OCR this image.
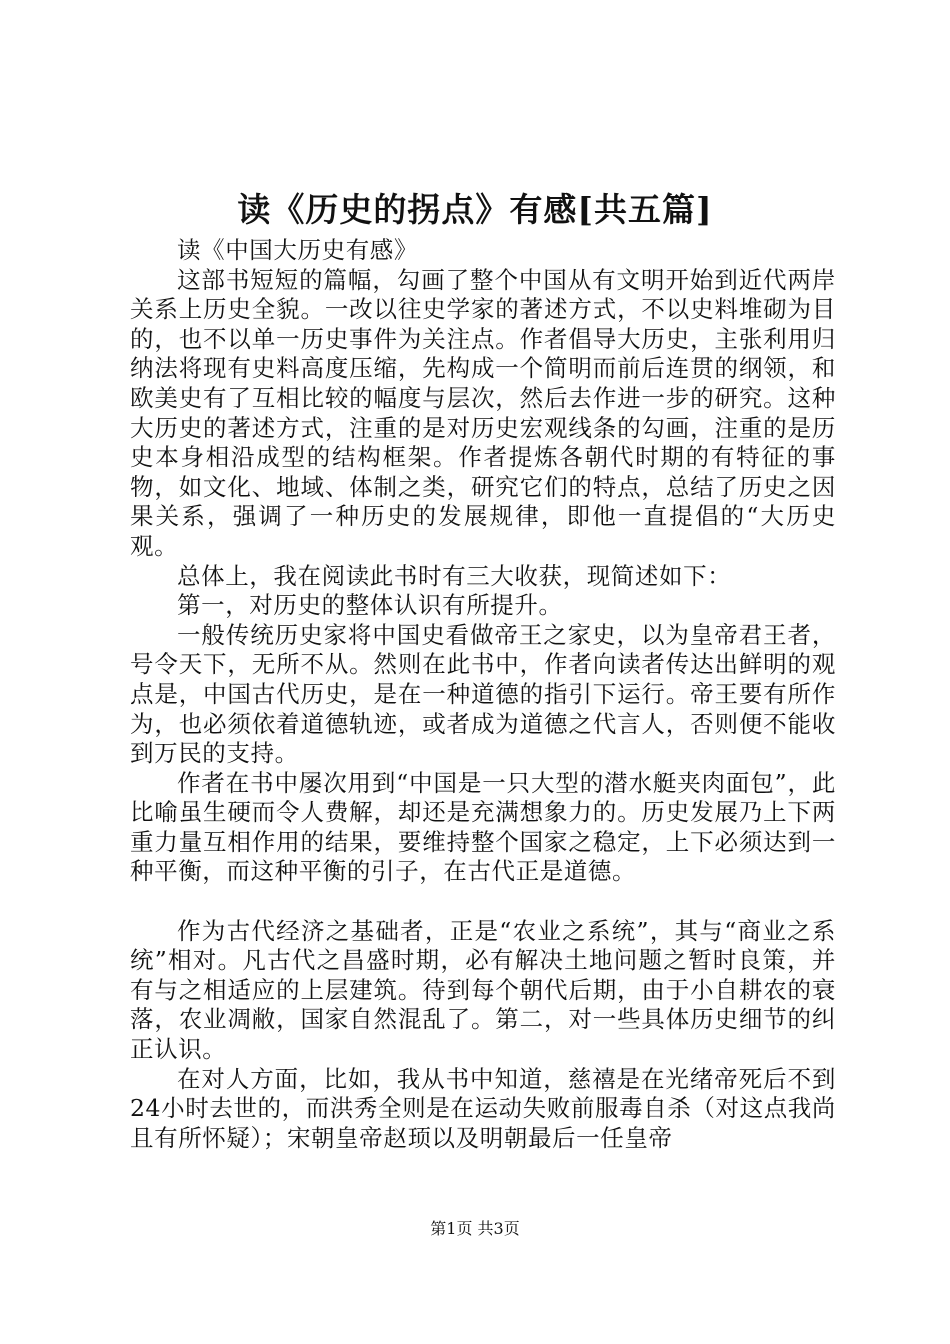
读《历史的拐点》有感[共五篇]

读《中国大历史有感》

这部书短短的篇幅，勾画了整个中国从有文明开始到近代两岸关系上历史全貌。一改以往史学家的著述方式，不以史料堆砌为目的，也不以单一历史事件为关注点。作者倡导大历史，主张利用归纳法将现有史料高度压缩，先构成一个简明而前后连贯的纲领，和欧美史有了互相比较的幅度与层次，然后去作进一步的研究。这种大历史的著述方式，注重的是对历史宏观线条的勾画，注重的是历史本身相沿成型的结构框架。作者提炼各朝代时期的有特征的事物，如文化、地域、体制之类，研究它们的特点，总结了历史之因果关系，强调了一种历史的发展规律，即他一直提倡的“大历史观。

总体上，我在阅读此书时有三大收获，现简述如下：

第一，对历史的整体认识有所提升。

一般传统历史家将中国史看做帝王之家史，以为皇帝君王者，号令天下，无所不从。然则在此书中，作者向读者传达出鲜明的观点是，中国古代历史，是在一种道德的指引下运行。帝王要有所作为，也必须依着道德轨迹，或者成为道德之代言人，否则便不能收到万民的支持。

作者在书中屡次用到“中国是一只大型的潜水艇夹肉面包”，此比喻虽生硬而令人费解，却还是充满想象力的。历史发展乃上下两重力量互相作用的结果，要维持整个国家之稳定，上下必须达到一种平衡，而这种平衡的引子，在古代正是道德。

作为古代经济之基础者，正是“农业之系统”，其与“商业之系统”相对。凡古代之昌盛时期，必有解决土地问题之暂时良策，并有与之相适应的上层建筑。待到每个朝代后期，由于小自耕农的衰落，农业凋敝，国家自然混乱了。第二，对一些具体历史细节的纠正认识。

在对人方面，比如，我从书中知道，慈禧是在光绪帝死后不到24小时去世的，而洪秀全则是在运动失败前服毒自杀（对这点我尚且有所怀疑）；宋朝皇帝赵顼以及明朝最后一任皇帝

第1页 共3页
